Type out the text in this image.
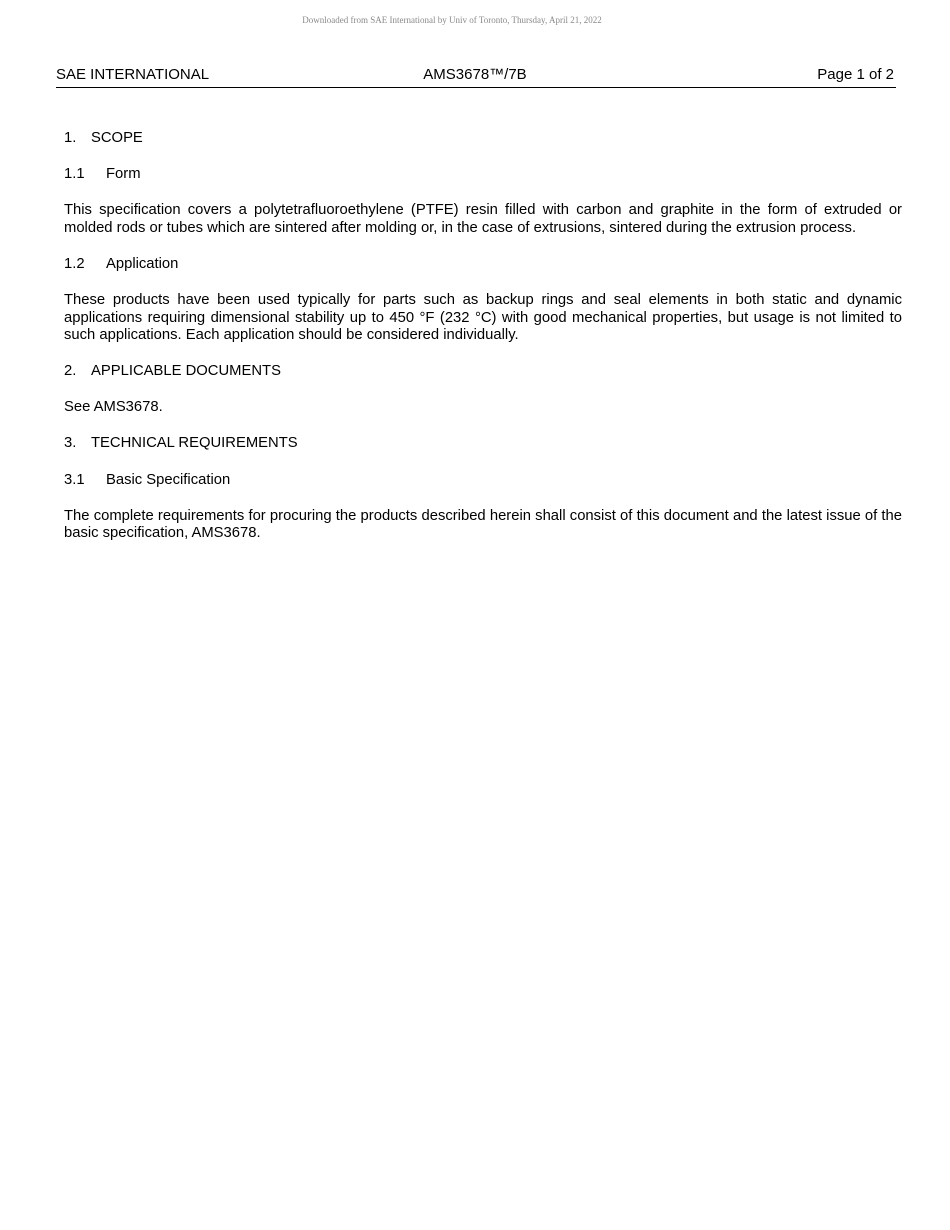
Downloaded from SAE International by Univ of Toronto, Thursday, April 21, 2022
SAE INTERNATIONAL	AMS3678™/7B	Page 1 of 2
1. SCOPE
1.1	Form

This specification covers a polytetrafluoroethylene (PTFE) resin filled with carbon and graphite in the form of extruded or molded rods or tubes which are sintered after molding or, in the case of extrusions, sintered during the extrusion process.

1.2	Application

These products have been used typically for parts such as backup rings and seal elements in both static and dynamic applications requiring dimensional stability up to 450 °F (232 °C) with good mechanical properties, but usage is not limited to such applications. Each application should be considered individually.

2. APPLICABLE DOCUMENTS

See AMS3678.

3. TECHNICAL REQUIREMENTS
3.1	Basic Specification

The complete requirements for procuring the products described herein shall consist of this document and the latest issue of the basic specification, AMS3678.
